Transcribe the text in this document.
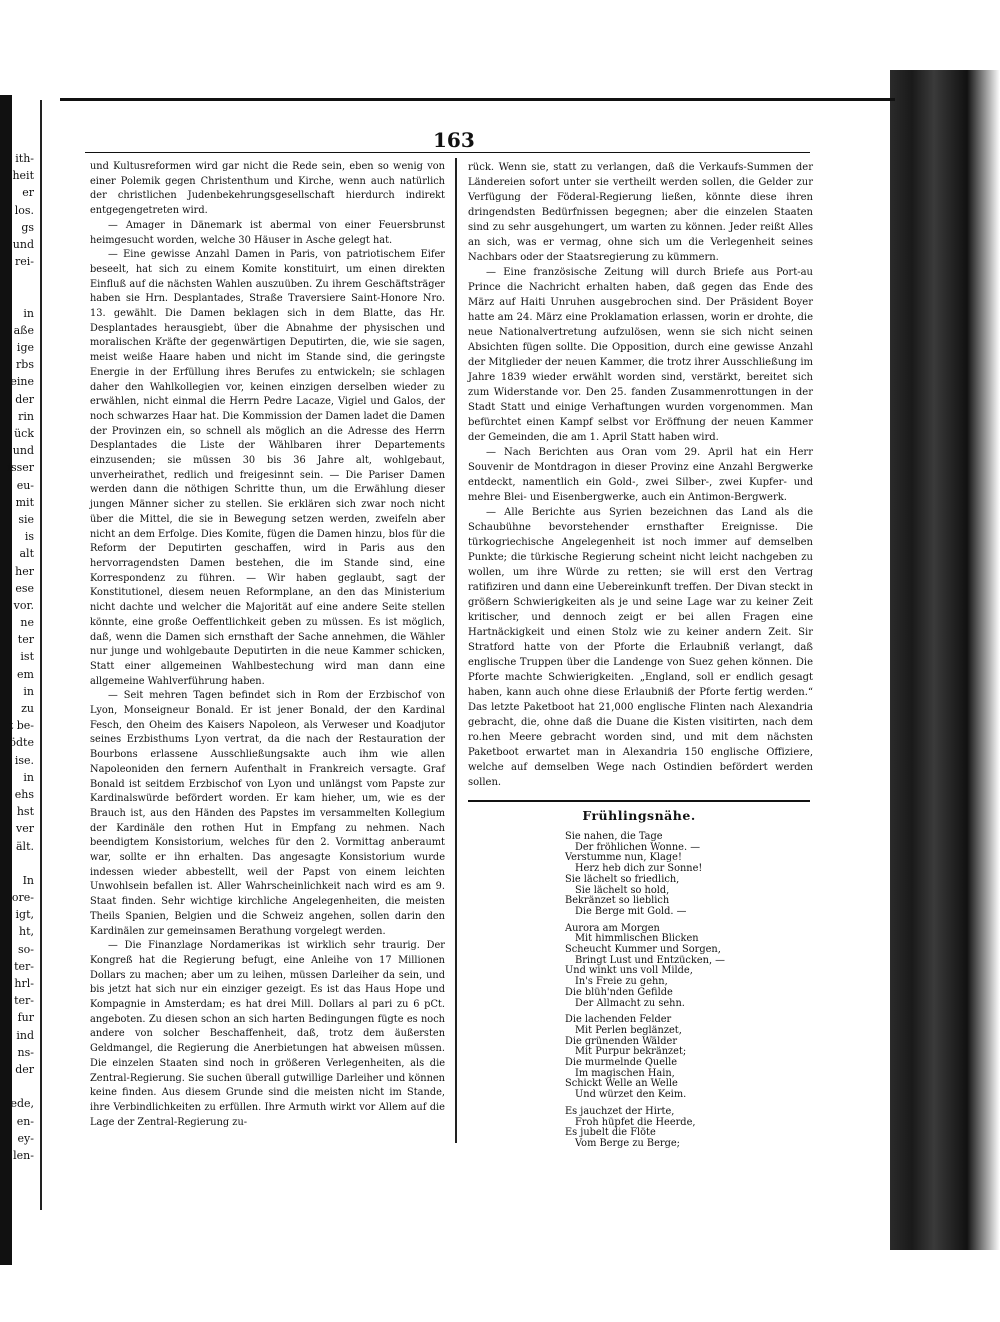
ith-
heit
er
los.
gs
und
rei-
in
aße
ige
rbs
eine
der
rin
ück
und
isser
eu-
mit
sie
is
alt
her
ese
vor.
ne
ter
ist
em
in
zu
t be-
ödte
ise.
in
ehs
hst
ver
ält.
In
ore-
igt,
ht,
so-
ter-
hrl-
ter-
fur
ind
ns-
der
ede,
en-
ey-
len-
163

und Kultusreformen wird gar nicht die Rede sein, eben so wenig von einer Polemik gegen Christenthum und Kirche, wenn auch natürlich der christlichen Judenbekehrungsgesellschaft hierdurch indirekt entgegengetreten wird.

— Amager in Dänemark ist abermal von einer Feuersbrunst heimgesucht worden, welche 30 Häuser in Asche gelegt hat.

— Eine gewisse Anzahl Damen in Paris, von patriotischem Eifer beseelt, hat sich zu einem Komite konstituirt, um einen direkten Einfluß auf die nächsten Wahlen auszuüben. Zu ihrem Geschäftsträger haben sie Hrn. Desplantades, Straße Traversiere Saint-Honore Nro. 13. gewählt. Die Damen beklagen sich in dem Blatte, das Hr. Desplantades herausgiebt, über die Abnahme der physischen und moralischen Kräfte der gegenwärtigen Deputirten, die, wie sie sagen, meist weiße Haare haben und nicht im Stande sind, die geringste Energie in der Erfüllung ihres Berufes zu entwickeln; sie schlagen daher den Wahlkollegien vor, keinen einzigen derselben wieder zu erwählen, nicht einmal die Herrn Pedre Lacaze, Vigiel und Galos, der noch schwarzes Haar hat. Die Kommission der Damen ladet die Damen der Provinzen ein, so schnell als möglich an die Adresse des Herrn Desplantades die Liste der Wählbaren ihrer Departements einzusenden; sie müssen 30 bis 36 Jahre alt, wohlgebaut, unverheirathet, redlich und freigesinnt sein. — Die Pariser Damen werden dann die nöthigen Schritte thun, um die Erwählung dieser jungen Männer sicher zu stellen. Sie erklären sich zwar noch nicht über die Mittel, die sie in Bewegung setzen werden, zweifeln aber nicht an dem Erfolge. Dies Komite, fügen die Damen hinzu, blos für die Reform der Deputirten geschaffen, wird in Paris aus den hervorragendsten Damen bestehen, die im Stande sind, eine Korrespondenz zu führen. — Wir haben geglaubt, sagt der Konstitutionel, diesem neuen Reformplane, an den das Ministerium nicht dachte und welcher die Majorität auf eine andere Seite stellen könnte, eine große Oeffentlichkeit geben zu müssen. Es ist möglich, daß, wenn die Damen sich ernsthaft der Sache annehmen, die Wähler nur junge und wohlgebaute Deputirten in die neue Kammer schicken, Statt einer allgemeinen Wahlbestechung wird man dann eine allgemeine Wahlverführung haben.

— Seit mehren Tagen befindet sich in Rom der Erzbischof von Lyon, Monseigneur Bonald. Er ist jener Bonald, der den Kardinal Fesch, den Oheim des Kaisers Napoleon, als Verweser und Koadjutor seines Erzbisthums Lyon vertrat, da die nach der Restauration der Bourbons erlassene Ausschließungsakte auch ihm wie allen Napoleoniden den fernern Aufenthalt in Frankreich versagte. Graf Bonald ist seitdem Erzbischof von Lyon und unlängst vom Papste zur Kardinalswürde befördert worden. Er kam hieher, um, wie es der Brauch ist, aus den Händen des Papstes im versammelten Kollegium der Kardinäle den rothen Hut in Empfang zu nehmen. Nach beendigtem Konsistorium, welches für den 2. Vormittag anberaumt war, sollte er ihn erhalten. Das angesagte Konsistorium wurde indessen wieder abbestellt, weil der Papst von einem leichten Unwohlsein befallen ist. Aller Wahrscheinlichkeit nach wird es am 9. Staat finden. Sehr wichtige kirchliche Angelegenheiten, die meisten Theils Spanien, Belgien und die Schweiz angehen, sollen darin den Kardinälen zur gemeinsamen Berathung vorgelegt werden.

— Die Finanzlage Nordamerikas ist wirklich sehr traurig. Der Kongreß hat die Regierung befugt, eine Anleihe von 17 Millionen Dollars zu machen; aber um zu leihen, müssen Darleiher da sein, und bis jetzt hat sich nur ein einziger gezeigt. Es ist das Haus Hope und Kompagnie in Amsterdam; es hat drei Mill. Dollars al pari zu 6 pCt. angeboten. Zu diesen schon an sich harten Bedingungen fügte es noch andere von solcher Beschaffenheit, daß, trotz dem äußersten Geldmangel, die Regierung die Anerbietungen hat abweisen müssen. Die einzelen Staaten sind noch in größeren Verlegenheiten, als die Zentral-Regierung. Sie suchen überall gutwillige Darleiher und können keine finden. Aus diesem Grunde sind die meisten nicht im Stande, ihre Verbindlichkeiten zu erfüllen. Ihre Armuth wirkt vor Allem auf die Lage der Zentral-Regierung zu-

rück. Wenn sie, statt zu verlangen, daß die Verkaufs-Summen der Ländereien sofort unter sie vertheilt werden sollen, die Gelder zur Verfügung der Föderal-Regierung ließen, könnte diese ihren dringendsten Bedürfnissen begegnen; aber die einzelen Staaten sind zu sehr ausgehungert, um warten zu können. Jeder reißt Alles an sich, was er vermag, ohne sich um die Verlegenheit seines Nachbars oder der Staatsregierung zu kümmern.

— Eine französische Zeitung will durch Briefe aus Port-au Prince die Nachricht erhalten haben, daß gegen das Ende des März auf Haiti Unruhen ausgebrochen sind. Der Präsident Boyer hatte am 24. März eine Proklamation erlassen, worin er drohte, die neue Nationalvertretung aufzulösen, wenn sie sich nicht seinen Absichten fügen sollte. Die Opposition, durch eine gewisse Anzahl der Mitglieder der neuen Kammer, die trotz ihrer Ausschließung im Jahre 1839 wieder erwählt worden sind, verstärkt, bereitet sich zum Widerstande vor. Den 25. fanden Zusammenrottungen in der Stadt Statt und einige Verhaftungen wurden vorgenommen. Man befürchtet einen Kampf selbst vor Eröffnung der neuen Kammer der Gemeinden, die am 1. April Statt haben wird.

— Nach Berichten aus Oran vom 29. April hat ein Herr Souvenir de Montdragon in dieser Provinz eine Anzahl Bergwerke entdeckt, namentlich ein Gold-, zwei Silber-, zwei Kupfer- und mehre Blei- und Eisenbergwerke, auch ein Antimon-Bergwerk.

— Alle Berichte aus Syrien bezeichnen das Land als die Schaubühne bevorstehender ernsthafter Ereignisse. Die türkogriechische Angelegenheit ist noch immer auf demselben Punkte; die türkische Regierung scheint nicht leicht nachgeben zu wollen, um ihre Würde zu retten; sie will erst den Vertrag ratifiziren und dann eine Uebereinkunft treffen. Der Divan steckt in größern Schwierigkeiten als je und seine Lage war zu keiner Zeit kritischer, und dennoch zeigt er bei allen Fragen eine Hartnäckigkeit und einen Stolz wie zu keiner andern Zeit. Sir Stratford hatte von der Pforte die Erlaubniß verlangt, daß englische Truppen über die Landenge von Suez gehen können. Die Pforte machte Schwierigkeiten. „England, soll er endlich gesagt haben, kann auch ohne diese Erlaubniß der Pforte fertig werden.“ Das letzte Paketboot hat 21,000 englische Flinten nach Alexandria gebracht, die, ohne daß die Duane die Kisten visitirten, nach dem ro.hen Meere gebracht worden sind, und mit dem nächsten Paketboot erwartet man in Alexandria 150 englische Offiziere, welche auf demselben Wege nach Ostindien befördert werden sollen.

Frühlingsnähe.
Sie nahen, die Tage
Der fröhlichen Wonne. —
Verstumme nun, Klage!
Herz heb dich zur Sonne!
Sie lächelt so friedlich,
Sie lächelt so hold,
Bekränzet so lieblich
Die Berge mit Gold. —
Aurora am Morgen
Mit himmlischen Blicken
Scheucht Kummer und Sorgen,
Bringt Lust und Entzücken, —
Und winkt uns voll Milde,
In's Freie zu gehn,
Die blüh'nden Gefilde
Der Allmacht zu sehn.
Die lachenden Felder
Mit Perlen beglänzet,
Die grünenden Wälder
Mit Purpur bekränzet;
Die murmelnde Quelle
Im magischen Hain,
Schickt Welle an Welle
Und würzet den Keim.
Es jauchzet der Hirte,
Froh hüpfet die Heerde,
Es jubelt die Flöte
Vom Berge zu Berge;
